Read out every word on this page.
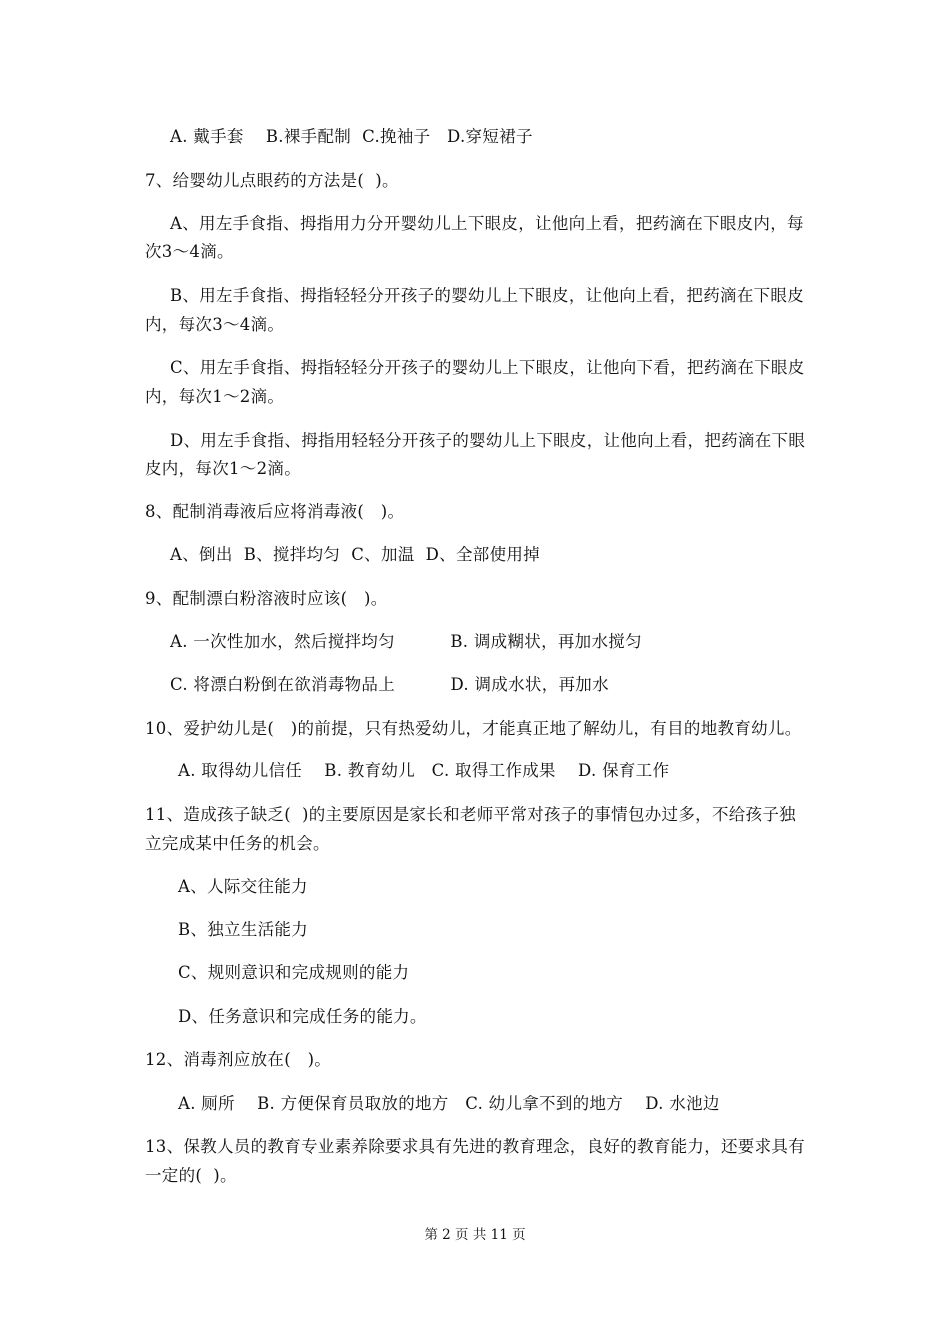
A. 戴手套    B.裸手配制  C.挽袖子   D.穿短裙子
7、给婴幼儿点眼药的方法是(  )。
A、用左手食指、拇指用力分开婴幼儿上下眼皮，让他向上看，把药滴在下眼皮内，每
次3～4滴。
B、用左手食指、拇指轻轻分开孩子的婴幼儿上下眼皮，让他向上看，把药滴在下眼皮
内，每次3～4滴。
C、用左手食指、拇指轻轻分开孩子的婴幼儿上下眼皮，让他向下看，把药滴在下眼皮
内，每次1～2滴。
D、用左手食指、拇指用轻轻分开孩子的婴幼儿上下眼皮，让他向上看，把药滴在下眼
皮内，每次1～2滴。
8、配制消毒液后应将消毒液(   )。
A、倒出  B、搅拌均匀  C、加温  D、全部使用掉
9、配制漂白粉溶液时应该(   )。
A. 一次性加水，然后搅拌均匀          B. 调成糊状，再加水搅匀
C. 将漂白粉倒在欲消毒物品上          D. 调成水状，再加水
10、爱护幼儿是(   )的前提，只有热爱幼儿，才能真正地了解幼儿，有目的地教育幼儿。
A. 取得幼儿信任    B. 教育幼儿   C. 取得工作成果    D. 保育工作
11、造成孩子缺乏(  )的主要原因是家长和老师平常对孩子的事情包办过多，不给孩子独
立完成某中任务的机会。
A、人际交往能力
B、独立生活能力
C、规则意识和完成规则的能力
D、任务意识和完成任务的能力。
12、消毒剂应放在(   )。
A. 厕所    B. 方便保育员取放的地方   C. 幼儿拿不到的地方    D. 水池边
13、保教人员的教育专业素养除要求具有先进的教育理念，良好的教育能力，还要求具有
一定的(  )。
第 2 页 共 11 页
